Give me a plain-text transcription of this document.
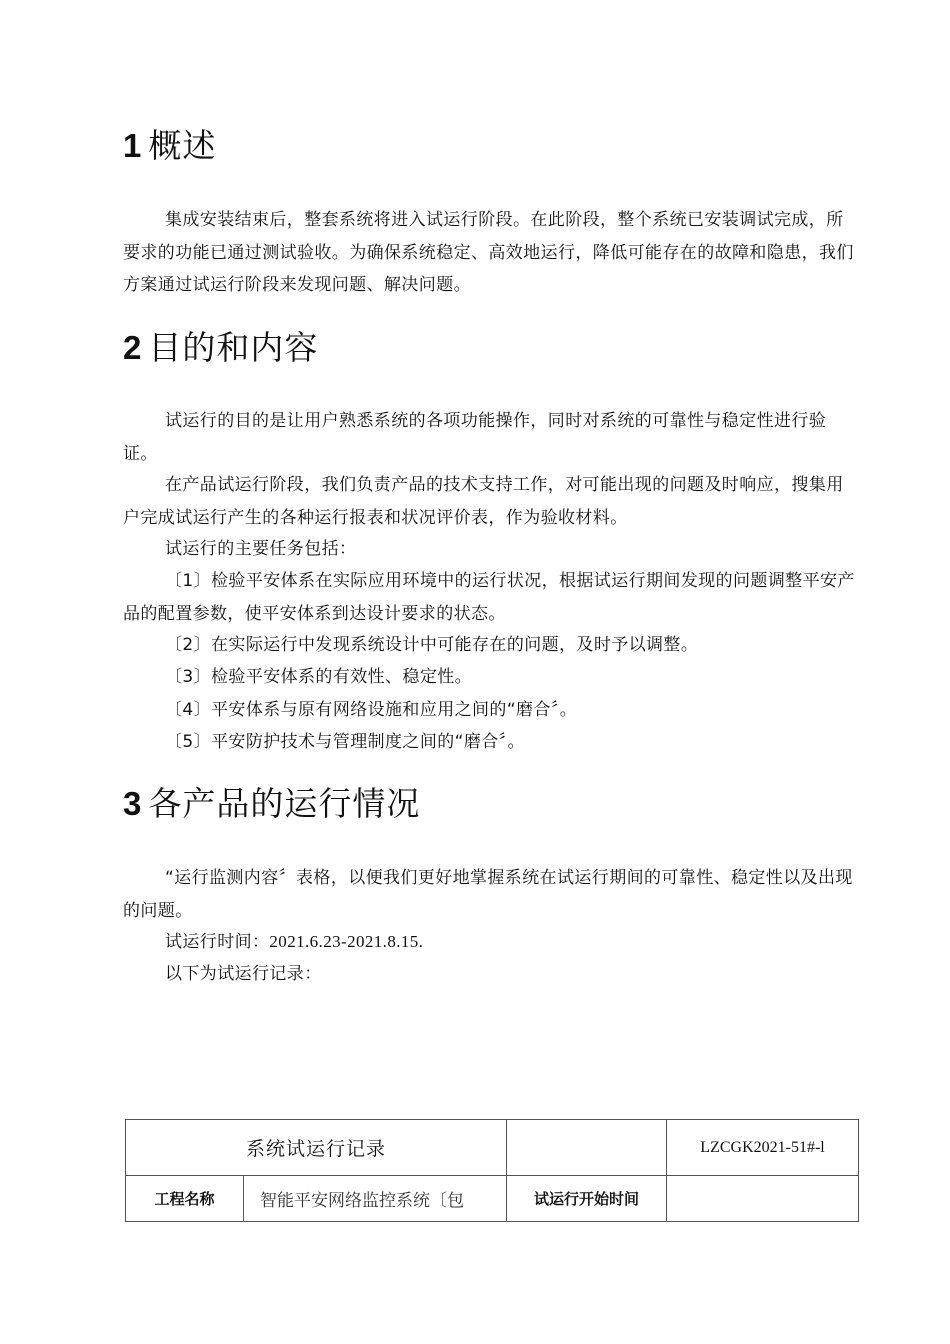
1 概述

集成安装结束后，整套系统将进入试运行阶段。在此阶段，整个系统已安装调试完成，所要求的功能已通过测试验收。为确保系统稳定、高效地运行，降低可能存在的故障和隐患，我们方案通过试运行阶段来发现问题、解决问题。

2 目的和内容

试运行的目的是让用户熟悉系统的各项功能操作，同时对系统的可靠性与稳定性进行验证。

在产品试运行阶段，我们负责产品的技术支持工作，对可能出现的问题及时响应，搜集用户完成试运行产生的各种运行报表和状况评价表，作为验收材料。

试运行的主要任务包括：

〔1〕检验平安体系在实际应用环境中的运行状况，根据试运行期间发现的问题调整平安产品的配置参数，使平安体系到达设计要求的状态。

〔2〕在实际运行中发现系统设计中可能存在的问题，及时予以调整。
〔3〕检验平安体系的有效性、稳定性。
〔4〕平安体系与原有网络设施和应用之间的“磨合〞。
〔5〕平安防护技术与管理制度之间的“磨合〞。
3 各产品的运行情况

“运行监测内容〞表格，以便我们更好地掌握系统在试运行期间的可靠性、稳定性以及出现的问题。

试运行时间：2021.6.23-2021.8.15.
以下为试运行记录：
系统试运行记录			LZCGK2021-51#-l
工程名称	智能平安网络监控系统〔包	试运行开始时间	
